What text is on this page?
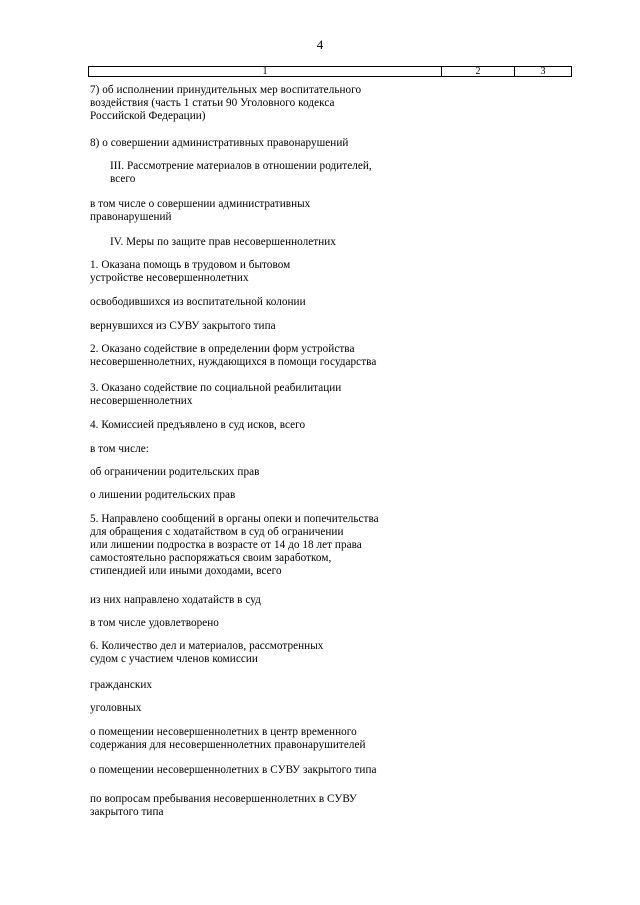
4
1	2	3
7) об исполнении принудительных мер воспитательного
воздействия (часть 1 статьи 90 Уголовного кодекса
Российской Федерации)
8) о совершении административных правонарушений
III. Рассмотрение материалов в отношении родителей,
всего
в том числе о совершении административных
правонарушений
IV. Меры по защите прав несовершеннолетних
1. Оказана помощь в трудовом и бытовом
устройстве несовершеннолетних
освободившихся из воспитательной колонии
вернувшихся из СУВУ закрытого типа
2. Оказано содействие в определении форм устройства
несовершеннолетних, нуждающихся в помощи государства
3. Оказано содействие по социальной реабилитации
несовершеннолетних
4. Комиссией предъявлено в суд исков, всего
в том числе:
об ограничении родительских прав
о лишении родительских прав
5. Направлено сообщений в органы опеки и попечительства
для обращения с ходатайством в суд об ограничении
или лишении подростка в возрасте от 14 до 18 лет права
самостоятельно распоряжаться своим заработком,
стипендией или иными доходами, всего
из них направлено ходатайств в суд
в том числе удовлетворено
6. Количество дел и материалов, рассмотренных
судом с участием членов комиссии
гражданских
уголовных
о помещении несовершеннолетних в центр временного
содержания для несовершеннолетних правонарушителей
о помещении несовершеннолетних в СУВУ закрытого типа
по вопросам пребывания несовершеннолетних в СУВУ
закрытого типа
